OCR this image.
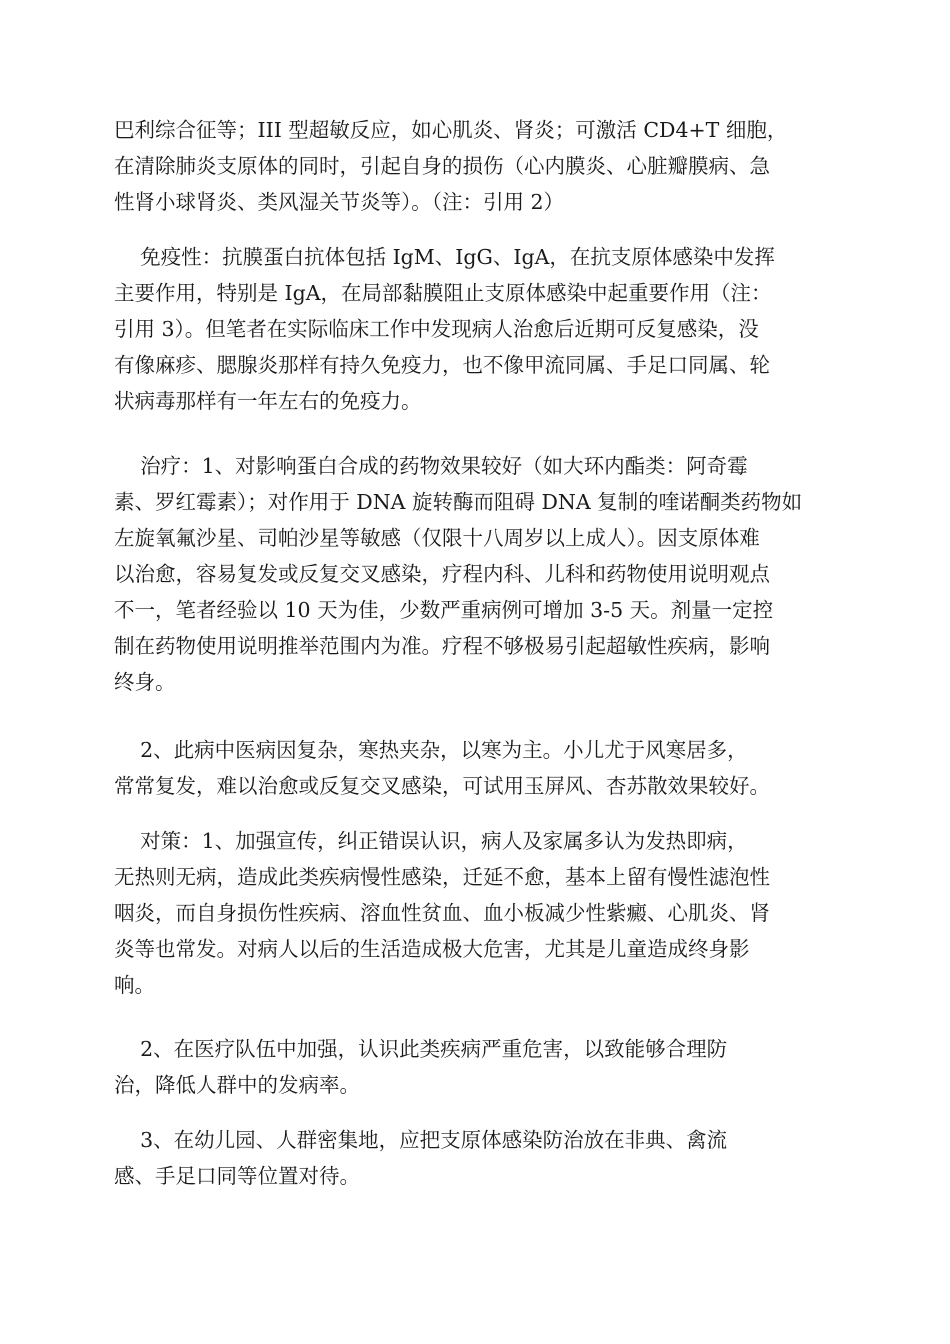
巴利综合征等；III 型超敏反应，如心肌炎、肾炎；可激活 CD4+T 细胞，
在清除肺炎支原体的同时，引起自身的损伤（心内膜炎、心脏瓣膜病、急
性肾小球肾炎、类风湿关节炎等）。（注：引用 2）
免疫性：抗膜蛋白抗体包括 IgM、IgG、IgA，在抗支原体感染中发挥
主要作用，特别是 IgA，在局部黏膜阻止支原体感染中起重要作用（注：
引用 3）。但笔者在实际临床工作中发现病人治愈后近期可反复感染，没
有像麻疹、腮腺炎那样有持久免疫力，也不像甲流同属、手足口同属、轮
状病毒那样有一年左右的免疫力。
治疗：1、对影响蛋白合成的药物效果较好（如大环内酯类：阿奇霉
素、罗红霉素）；对作用于 DNA 旋转酶而阻碍 DNA 复制的喹诺酮类药物如
左旋氧氟沙星、司帕沙星等敏感（仅限十八周岁以上成人）。因支原体难
以治愈，容易复发或反复交叉感染，疗程内科、儿科和药物使用说明观点
不一，笔者经验以 10 天为佳，少数严重病例可增加 3-5 天。剂量一定控
制在药物使用说明推举范围内为准。疗程不够极易引起超敏性疾病，影响
终身。
2、此病中医病因复杂，寒热夹杂，以寒为主。小儿尤于风寒居多，
常常复发，难以治愈或反复交叉感染，可试用玉屏风、杏苏散效果较好。
对策：1、加强宣传，纠正错误认识，病人及家属多认为发热即病，
无热则无病，造成此类疾病慢性感染，迁延不愈，基本上留有慢性滤泡性
咽炎，而自身损伤性疾病、溶血性贫血、血小板减少性紫癜、心肌炎、肾
炎等也常发。对病人以后的生活造成极大危害，尤其是儿童造成终身影
响。
2、在医疗队伍中加强，认识此类疾病严重危害，以致能够合理防
治，降低人群中的发病率。
3、在幼儿园、人群密集地，应把支原体感染防治放在非典、禽流
感、手足口同等位置对待。
